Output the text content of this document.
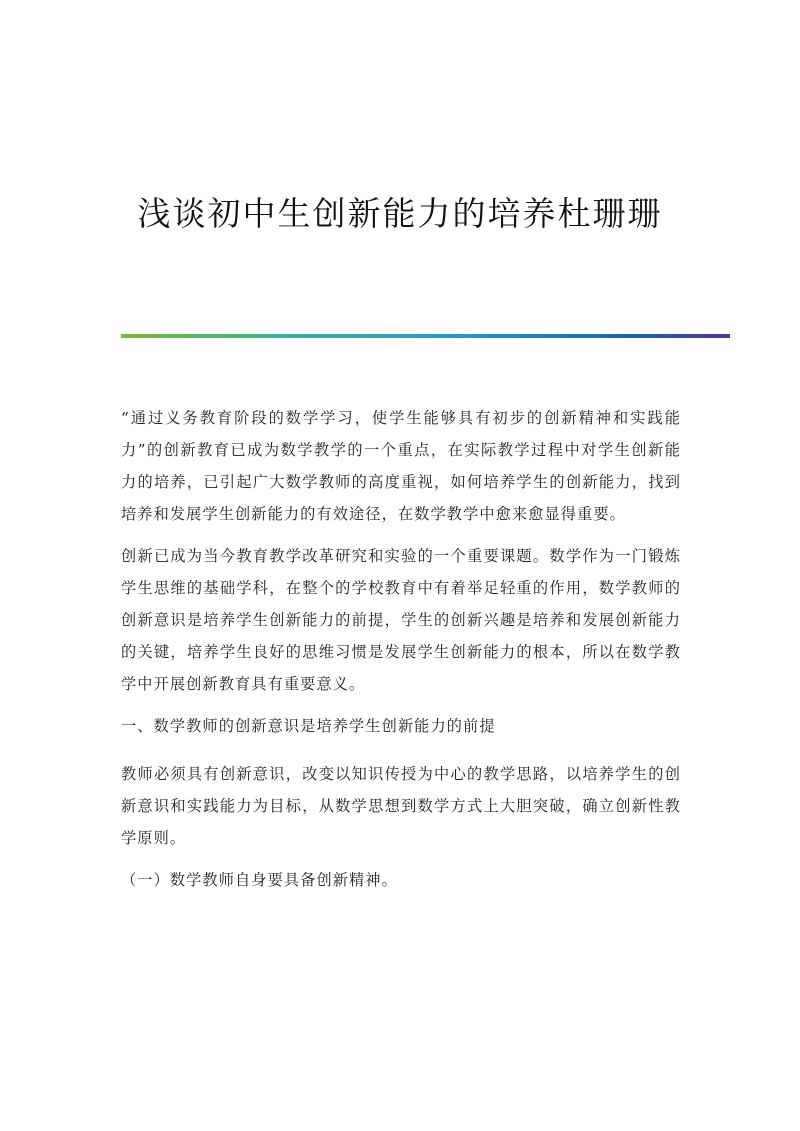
浅谈初中生创新能力的培养杜珊珊

“通过义务教育阶段的数学学习，使学生能够具有初步的创新精神和实践能力”的创新教育已成为数学教学的一个重点，在实际教学过程中对学生创新能力的培养，已引起广大数学教师的高度重视，如何培养学生的创新能力，找到培养和发展学生创新能力的有效途径，在数学教学中愈来愈显得重要。

创新已成为当今教育教学改革研究和实验的一个重要课题。数学作为一门锻炼学生思维的基础学科，在整个的学校教育中有着举足轻重的作用，数学教师的创新意识是培养学生创新能力的前提，学生的创新兴趣是培养和发展创新能力的关键，培养学生良好的思维习惯是发展学生创新能力的根本，所以在数学教学中开展创新教育具有重要意义。

一、数学教师的创新意识是培养学生创新能力的前提

教师必须具有创新意识，改变以知识传授为中心的教学思路，以培养学生的创新意识和实践能力为目标，从数学思想到数学方式上大胆突破，确立创新性教学原则。

（一）数学教师自身要具备创新精神。
